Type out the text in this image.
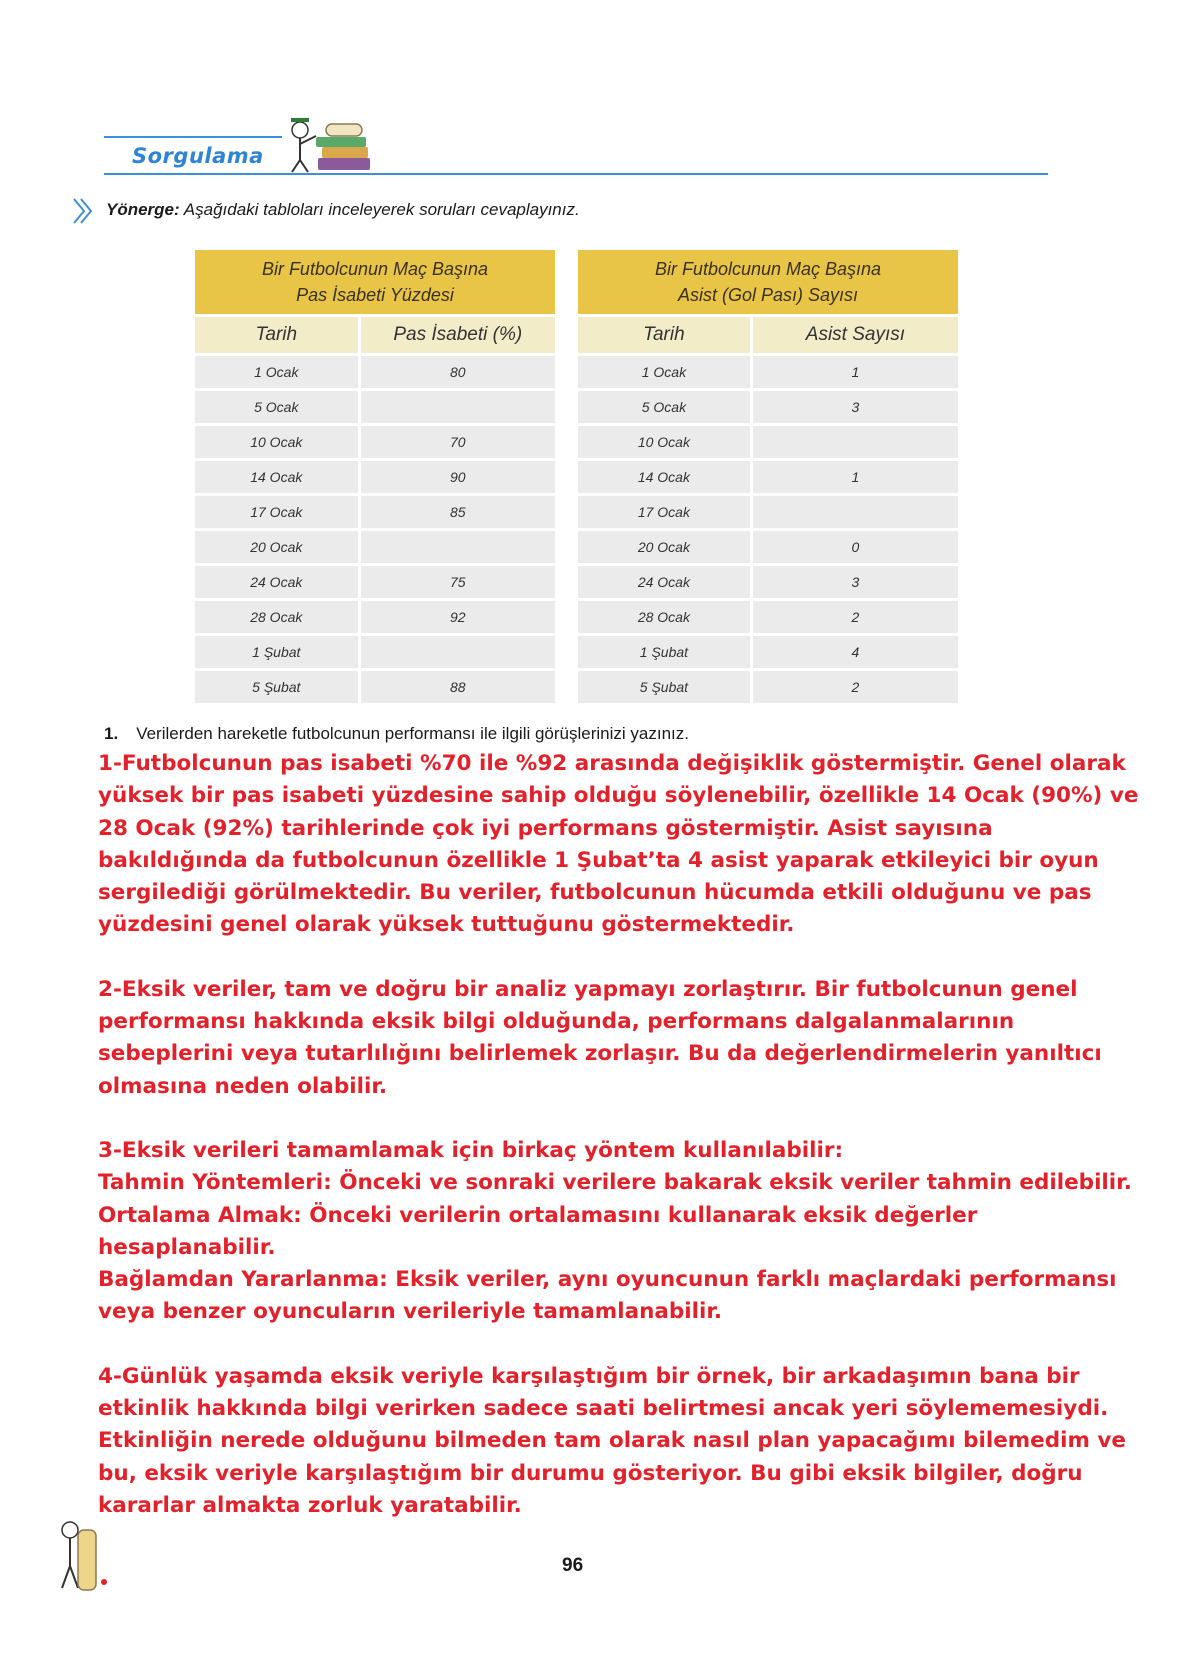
Sorgulama
Yönerge: Aşağıdaki tabloları inceleyerek soruları cevaplayınız.
Bir Futbolcunun Maç Başına
Pas İsabeti Yüzdesi	
Tarih	Pas İsabeti (%)
1 Ocak	80
5 Ocak	
10 Ocak	70
14 Ocak	90
17 Ocak	85
20 Ocak	
24 Ocak	75
28 Ocak	92
1 Şubat	
5 Şubat	88
Bir Futbolcunun Maç Başına
Asist (Gol Pası) Sayısı	
Tarih	Asist Sayısı
1 Ocak	1
5 Ocak	3
10 Ocak	
14 Ocak	1
17 Ocak	
20 Ocak	0
24 Ocak	3
28 Ocak	2
1 Şubat	4
5 Şubat	2
1. Verilerden hareketle futbolcunun performansı ile ilgili görüşlerinizi yazınız.

1-Futbolcunun pas isabeti %70 ile %92 arasında değişiklik göstermiştir. Genel olarak
yüksek bir pas isabeti yüzdesine sahip olduğu söylenebilir, özellikle 14 Ocak (90%) ve
28 Ocak (92%) tarihlerinde çok iyi performans göstermiştir. Asist sayısına
bakıldığında da futbolcunun özellikle 1 Şubat’ta 4 asist yaparak etkileyici bir oyun
sergilediği görülmektedir. Bu veriler, futbolcunun hücumda etkili olduğunu ve pas
yüzdesini genel olarak yüksek tuttuğunu göstermektedir.

2-Eksik veriler, tam ve doğru bir analiz yapmayı zorlaştırır. Bir futbolcunun genel
performansı hakkında eksik bilgi olduğunda, performans dalgalanmalarının
sebeplerini veya tutarlılığını belirlemek zorlaşır. Bu da değerlendirmelerin yanıltıcı
olmasına neden olabilir.

3-Eksik verileri tamamlamak için birkaç yöntem kullanılabilir:
Tahmin Yöntemleri: Önceki ve sonraki verilere bakarak eksik veriler tahmin edilebilir.
Ortalama Almak: Önceki verilerin ortalamasını kullanarak eksik değerler
hesaplanabilir.
Bağlamdan Yararlanma: Eksik veriler, aynı oyuncunun farklı maçlardaki performansı
veya benzer oyuncuların verileriyle tamamlanabilir.

4-Günlük yaşamda eksik veriyle karşılaştığım bir örnek, bir arkadaşımın bana bir
etkinlik hakkında bilgi verirken sadece saati belirtmesi ancak yeri söylememesiydi.
Etkinliğin nerede olduğunu bilmeden tam olarak nasıl plan yapacağımı bilemedim ve
bu, eksik veriyle karşılaştığım bir durumu gösteriyor. Bu gibi eksik bilgiler, doğru
kararlar almakta zorluk yaratabilir.

96
